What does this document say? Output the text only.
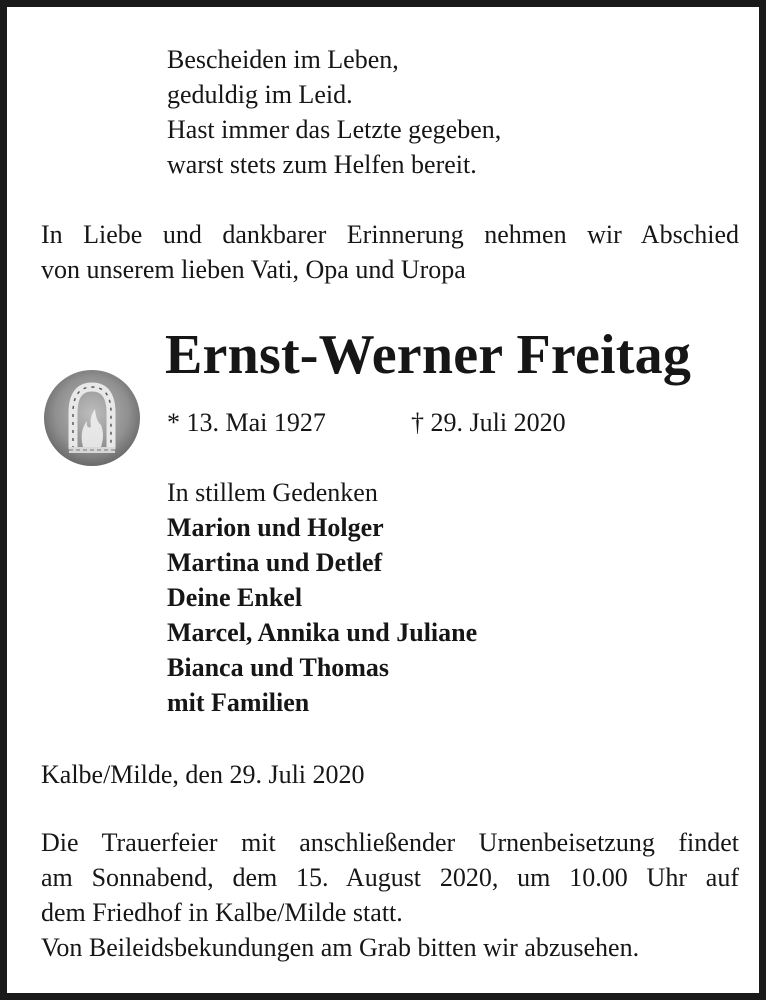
Bescheiden im Leben,
geduldig im Leid.
Hast immer das Letzte gegeben,
warst stets zum Helfen bereit.
In Liebe und dankbarer Erinnerung nehmen wir Abschied
von unserem lieben Vati, Opa und Uropa
Ernst-Werner Freitag
* 13. Mai 1927	† 29. Juli 2020
In stillem Gedenken
Marion und Holger
Martina und Detlef
Deine Enkel
Marcel, Annika und Juliane
Bianca und Thomas
mit Familien
Kalbe/Milde, den 29. Juli 2020
Die Trauerfeier mit anschließender Urnenbeisetzung findet
am Sonnabend, dem 15. August 2020, um 10.00 Uhr auf
dem Friedhof in Kalbe/Milde statt.
Von Beileidsbekundungen am Grab bitten wir abzusehen.
